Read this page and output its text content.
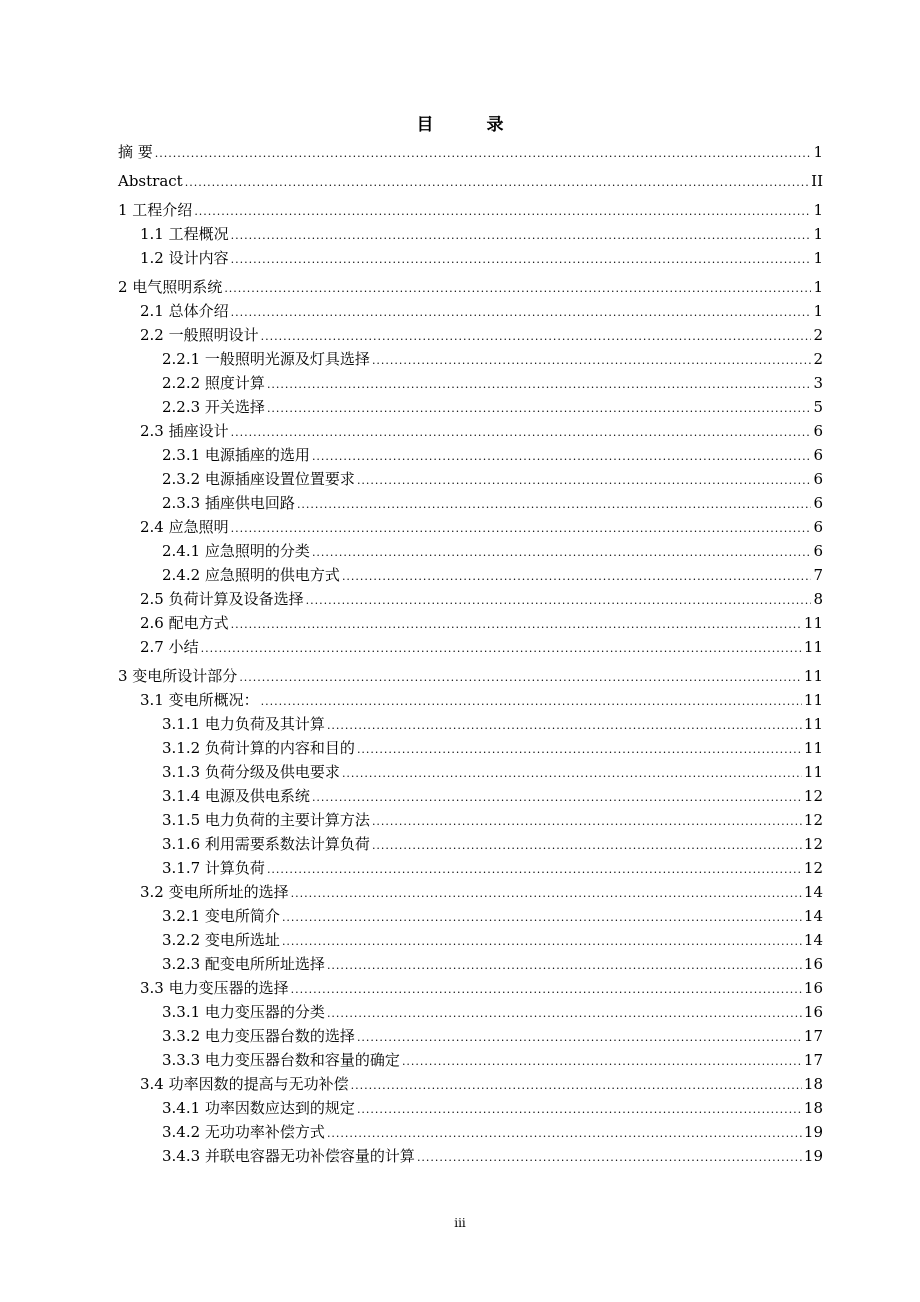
目　录
摘 要 .....	1
Abstract .....	II
1 工程介绍 .....	1
1.1 工程概况 .....	1
1.2 设计内容 .....	1
2 电气照明系统 .....	1
2.1 总体介绍 .....	1
2.2 一般照明设计 .....	2
2.2.1 一般照明光源及灯具选择 .....	2
2.2.2 照度计算 .....	3
2.2.3 开关选择 .....	5
2.3 插座设计 .....	6
2.3.1 电源插座的选用 .....	6
2.3.2 电源插座设置位置要求 .....	6
2.3.3 插座供电回路 .....	6
2.4 应急照明 .....	6
2.4.1 应急照明的分类 .....	6
2.4.2 应急照明的供电方式 .....	7
2.5 负荷计算及设备选择 .....	8
2.6 配电方式 .....	11
2.7 小结 .....	11
3 变电所设计部分 .....	11
3.1 变电所概况： .....	11
3.1.1 电力负荷及其计算 .....	11
3.1.2 负荷计算的内容和目的 .....	11
3.1.3 负荷分级及供电要求 .....	11
3.1.4 电源及供电系统 .....	12
3.1.5 电力负荷的主要计算方法 .....	12
3.1.6 利用需要系数法计算负荷 .....	12
3.1.7 计算负荷 .....	12
3.2 变电所所址的选择 .....	14
3.2.1 变电所简介 .....	14
3.2.2 变电所选址 .....	14
3.2.3 配变电所所址选择 .....	16
3.3 电力变压器的选择 .....	16
3.3.1 电力变压器的分类 .....	16
3.3.2 电力变压器台数的选择 .....	17
3.3.3 电力变压器台数和容量的确定 .....	17
3.4 功率因数的提高与无功补偿 .....	18
3.4.1 功率因数应达到的规定 .....	18
3.4.2 无功功率补偿方式 .....	19
3.4.3 并联电容器无功补偿容量的计算 .....	19
iii
